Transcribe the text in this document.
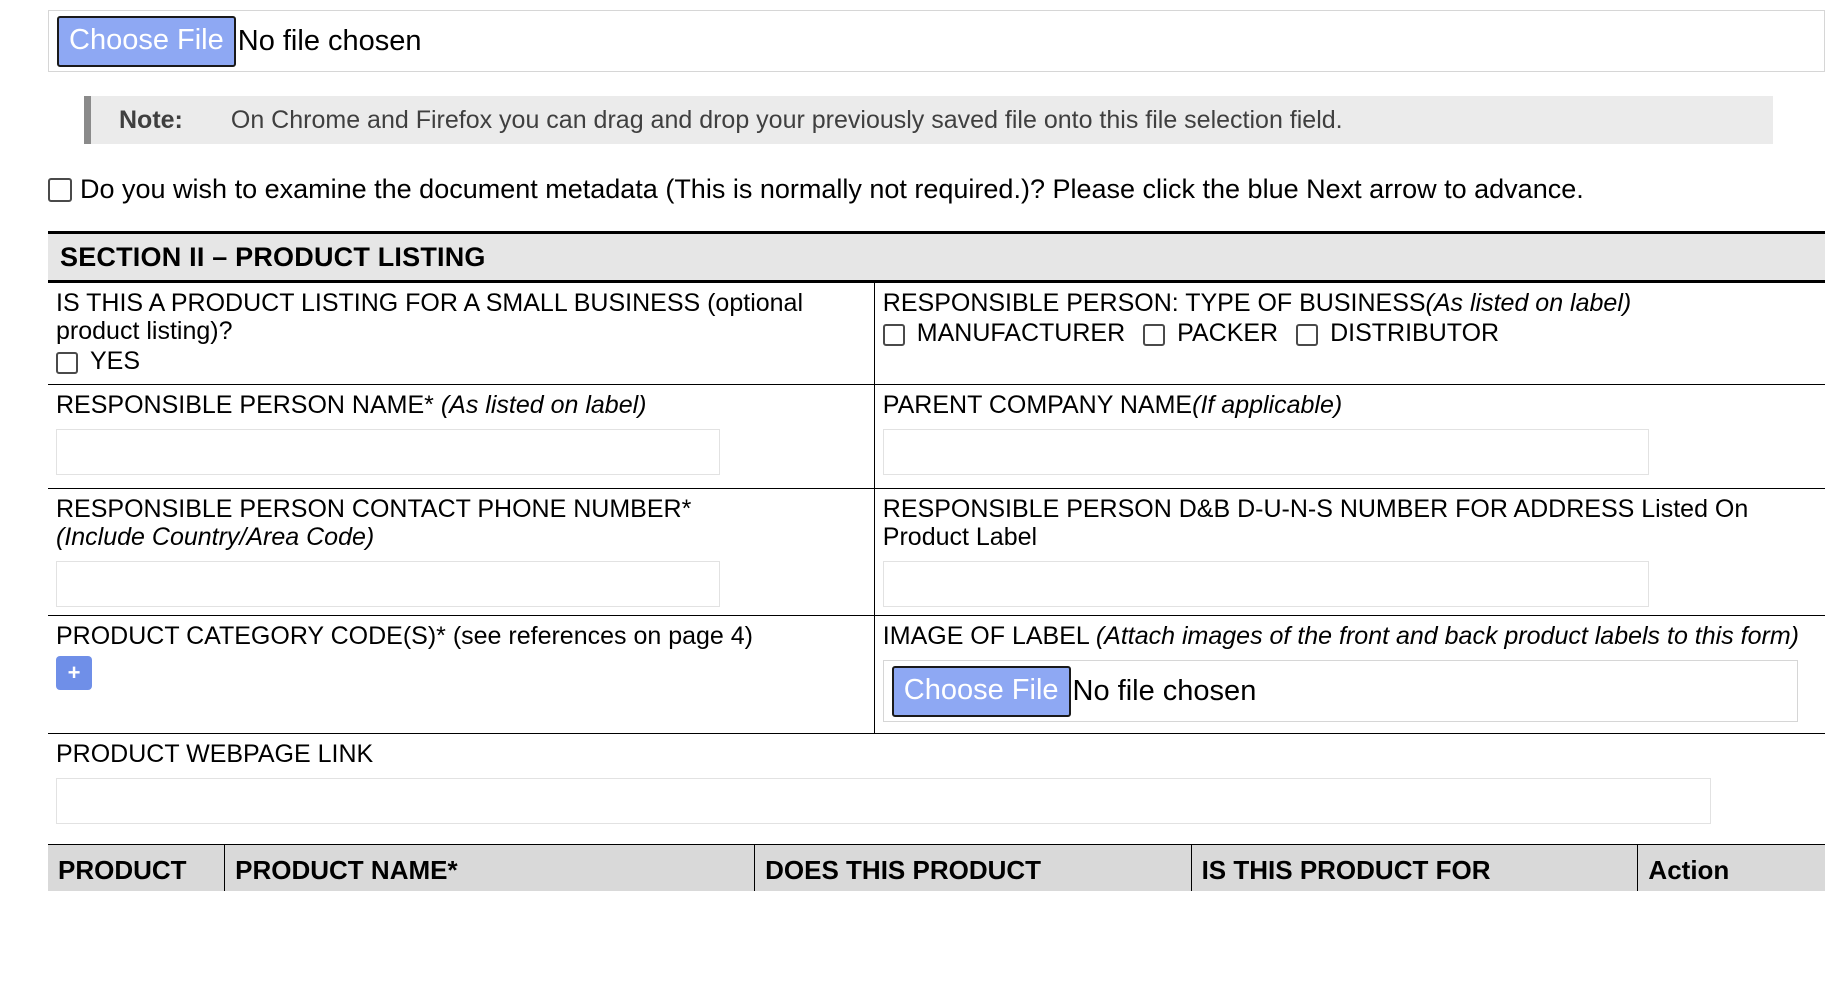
Choose File No file chosen
Note: On Chrome and Firefox you can drag and drop your previously saved file onto this file selection field.
Do you wish to examine the document metadata (This is normally not required.)? Please click the blue Next arrow to advance.
SECTION II – PRODUCT LISTING
IS THIS A PRODUCT LISTING FOR A SMALL BUSINESS (optional product listing)?
YES

RESPONSIBLE PERSON: TYPE OF BUSINESS(As listed on label)
MANUFACTURER PACKER DISTRIBUTOR

RESPONSIBLE PERSON NAME* (As listed on label)	PARENT COMPANY NAME(If applicable)

RESPONSIBLE PERSON CONTACT PHONE NUMBER*
(Include Country/Area Code)	RESPONSIBLE PERSON D&B D-U-N-S NUMBER FOR ADDRESS Listed On Product Label

PRODUCT CATEGORY CODE(S)* (see references on page 4)
+

IMAGE OF LABEL (Attach images of the front and back product labels to this form)
Choose File No file chosen

PRODUCT WEBPAGE LINK	
PRODUCT	PRODUCT NAME*	DOES THIS PRODUCT	IS THIS PRODUCT FOR	Action
